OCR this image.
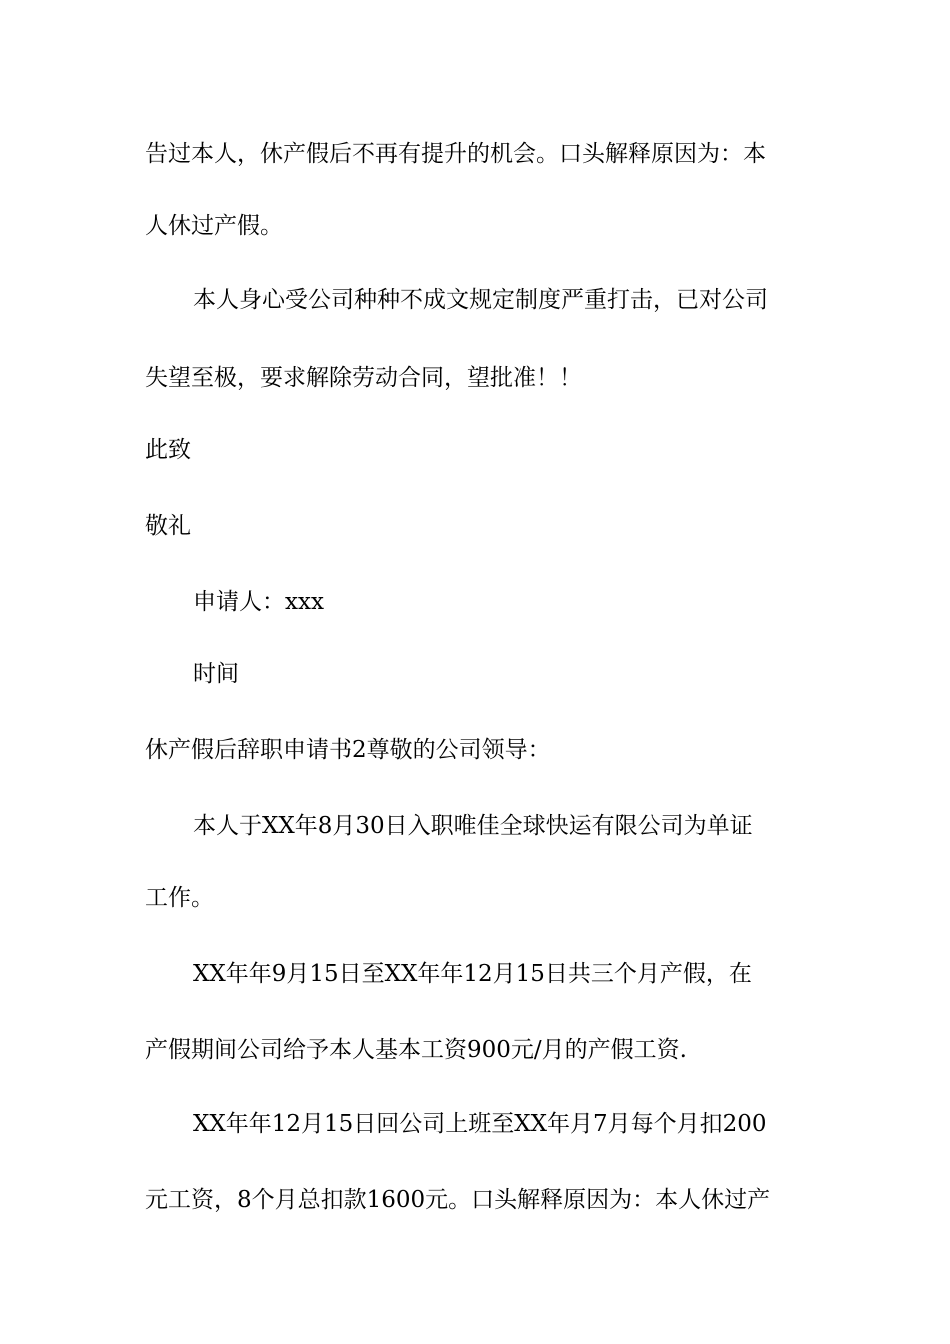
告过本人，休产假后不再有提升的机会。口头解释原因为：本

人休过产假。

本人身心受公司种种不成文规定制度严重打击，已对公司

失望至极，要求解除劳动合同，望批准！！

此致

敬礼

申请人：xxx

时间

休产假后辞职申请书2尊敬的公司领导：

本人于XX年8月30日入职唯佳全球快运有限公司为单证

工作。

XX年年9月15日至XX年年12月15日共三个月产假，在

产假期间公司给予本人基本工资900元/月的产假工资.

XX年年12月15日回公司上班至XX年月7月每个月扣200

元工资，8个月总扣款1600元。口头解释原因为：本人休过产
